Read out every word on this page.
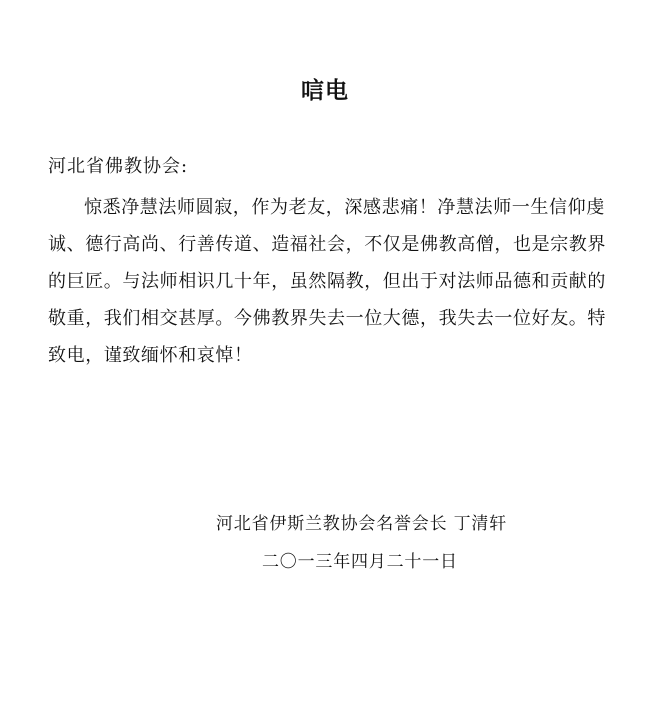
唁电
河北省佛教协会:

惊悉净慧法师圆寂，作为老友，深感悲痛！净慧法师一生信仰虔诚、德行高尚、行善传道、造福社会，不仅是佛教高僧，也是宗教界的巨匠。与法师相识几十年，虽然隔教，但出于对法师品德和贡献的敬重，我们相交甚厚。今佛教界失去一位大德，我失去一位好友。特致电，谨致缅怀和哀悼！

河北省伊斯兰教协会名誉会长 丁清轩
二〇一三年四月二十一日
